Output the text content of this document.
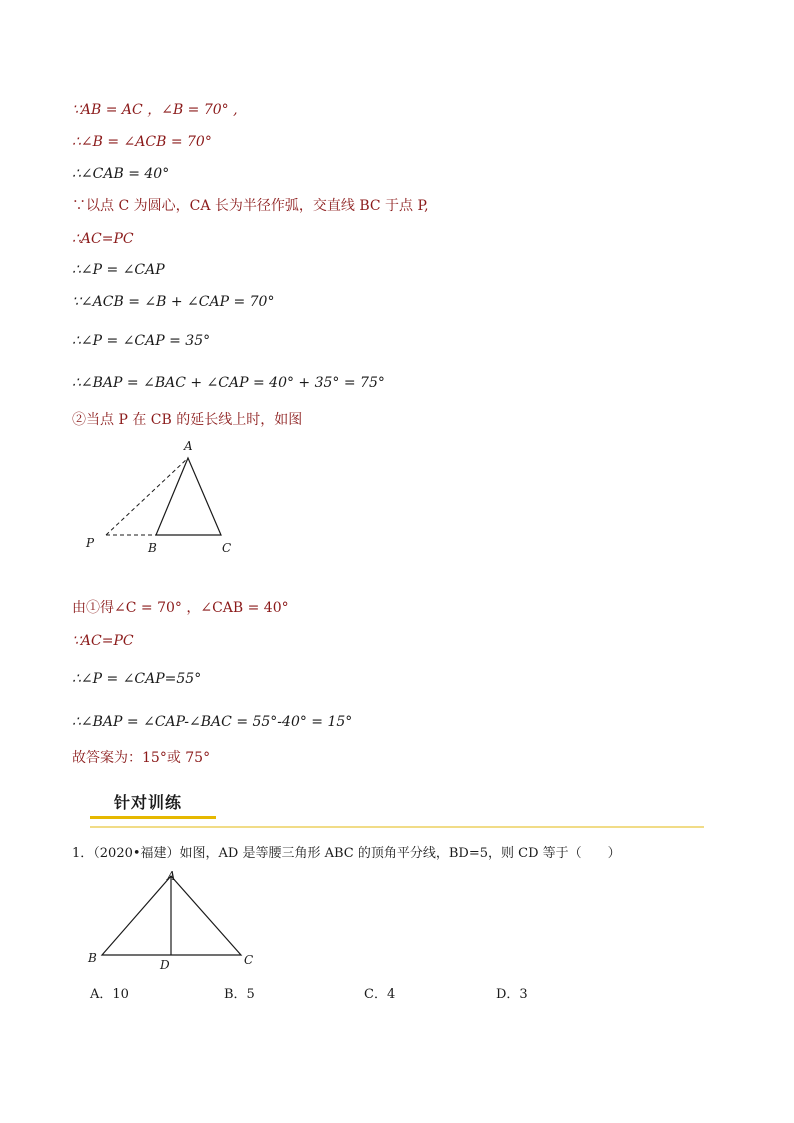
∵AB = AC ，∠B = 70° ,
∴∠B = ∠ACB = 70°
∴∠CAB = 40°
∵以点 C 为圆心，CA 长为半径作弧，交直线 BC 于点 P,
∴AC=PC
∴∠P = ∠CAP
∵∠ACB = ∠B + ∠CAP = 70°
∴∠P = ∠CAP = 35°
∴∠BAP = ∠BAC + ∠CAP = 40° + 35° = 75°
②当点 P 在 CB 的延长线上时，如图
A
P	B	C
由①得∠C = 70° ，∠CAB = 40°
∵AC=PC
∴∠P = ∠CAP=55°
∴∠BAP = ∠CAP-∠BAC = 55°-40° = 15°
故答案为：15°或 75°
针对训练
1．（2020•福建）如图，AD 是等腰三角形 ABC 的顶角平分线，BD=5，则 CD 等于（　　）
A
B	D	C
A．10	B．5	C．4	D．3
